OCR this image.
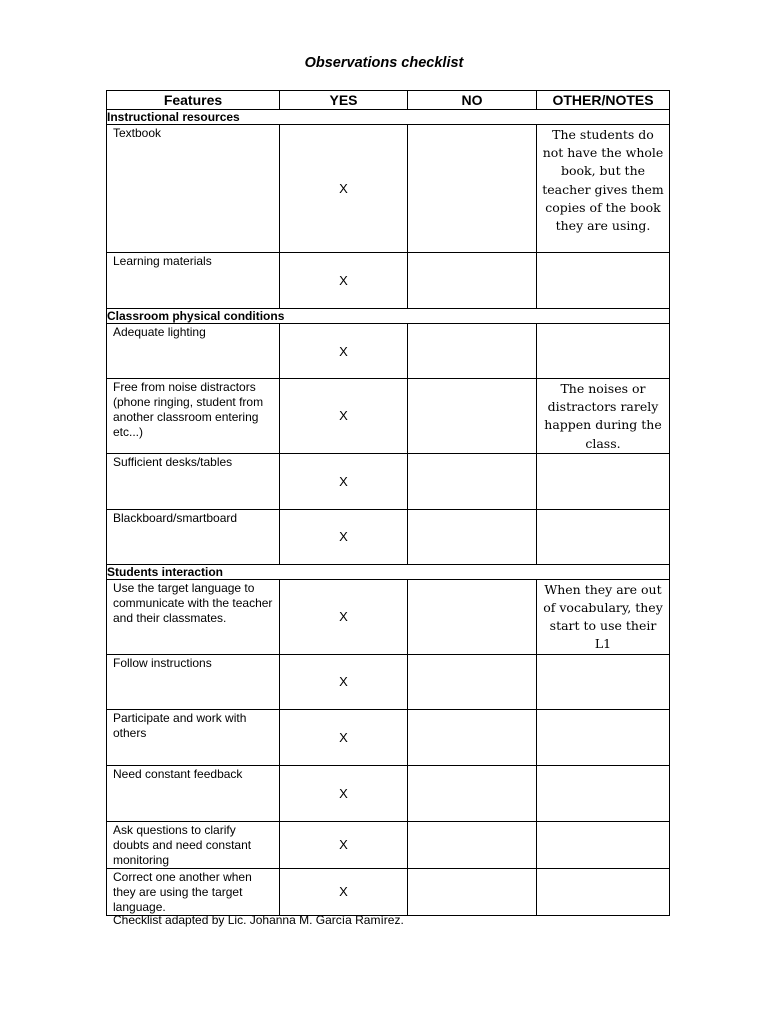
Observations checklist
Features	YES	NO	OTHER/NOTES
Instructional resources			
Textbook	X		The students do not have the whole book, but the teacher gives them copies of the book they are using.
Learning materials	X		
Classroom physical conditions			
Adequate lighting	X		
Free from noise distractors (phone ringing, student from another classroom entering etc...)	X		The noises or distractors rarely happen during the class.
Sufficient desks/tables	X		
Blackboard/smartboard	X		
Students interaction			
Use the target language to communicate with the teacher and their classmates.	X		When they are out of vocabulary, they start to use their L1
Follow instructions	X		
Participate and work with others	X		
Need constant feedback	X		
Ask questions to clarify doubts and need constant monitoring	X		
Correct one another when they are using the target language.	X		
Checklist adapted by Lic. Johanna M. García Ramírez.
